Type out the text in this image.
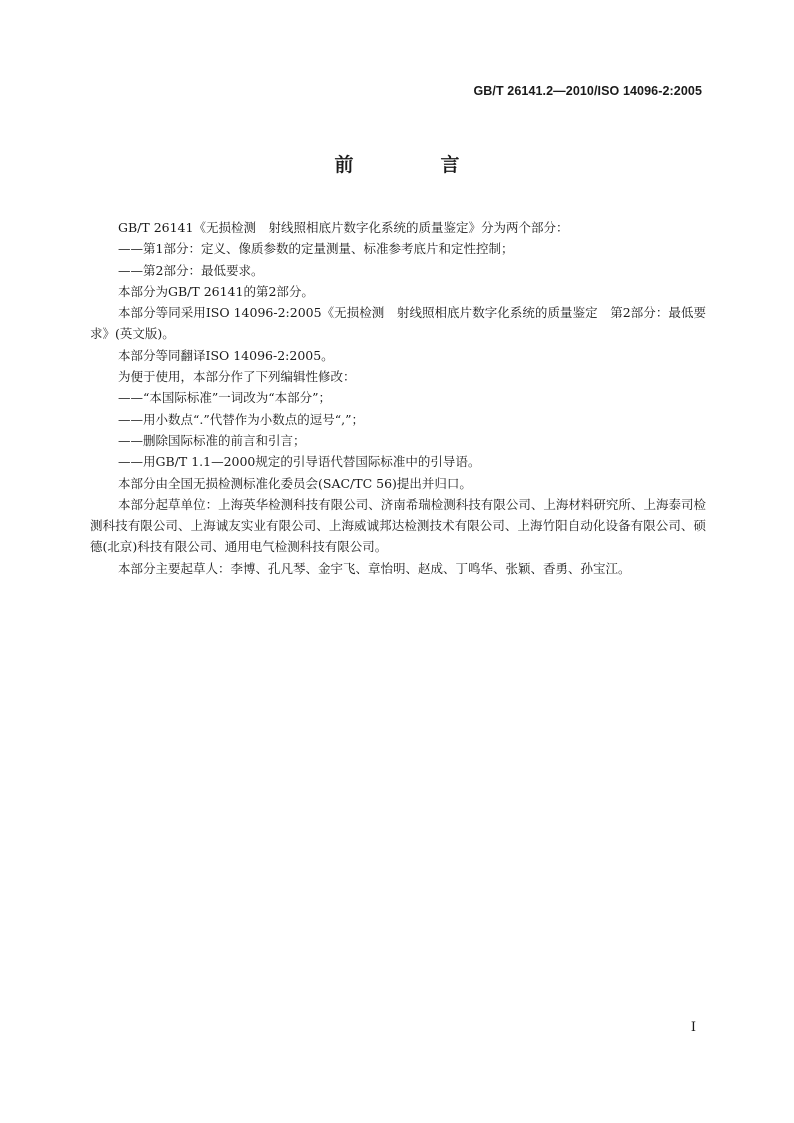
GB/T 26141.2—2010/ISO 14096-2:2005
前　言

GB/T 26141《无损检测　射线照相底片数字化系统的质量鉴定》分为两个部分：

——第1部分：定义、像质参数的定量测量、标准参考底片和定性控制；

——第2部分：最低要求。

本部分为GB/T 26141的第2部分。

本部分等同采用ISO 14096-2:2005《无损检测　射线照相底片数字化系统的质量鉴定　第2部分：最低要求》(英文版)。

本部分等同翻译ISO 14096-2:2005。

为便于使用，本部分作了下列编辑性修改：

——“本国际标准”一词改为“本部分”；

——用小数点“.”代替作为小数点的逗号“,”；

——删除国际标准的前言和引言；

——用GB/T 1.1—2000规定的引导语代替国际标准中的引导语。

本部分由全国无损检测标准化委员会(SAC/TC 56)提出并归口。

本部分起草单位：上海英华检测科技有限公司、济南希瑞检测科技有限公司、上海材料研究所、上海泰司检测科技有限公司、上海诚友实业有限公司、上海威诚邦达检测技术有限公司、上海竹阳自动化设备有限公司、硕德(北京)科技有限公司、通用电气检测科技有限公司。

本部分主要起草人：李博、孔凡琴、金宇飞、章怡明、赵成、丁鸣华、张颖、香勇、孙宝江。

I
